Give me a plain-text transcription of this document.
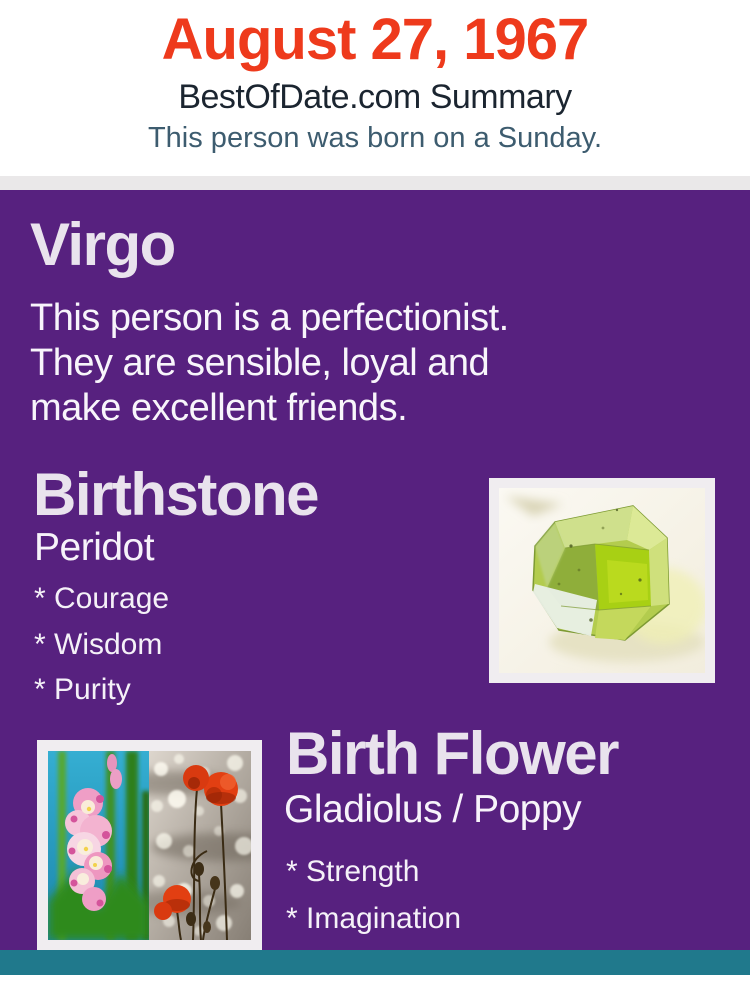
August 27, 1967
BestOfDate.com Summary
This person was born on a Sunday.
Virgo
This person is a perfectionist.
They are sensible, loyal and
make excellent friends.
Birthstone
Peridot
* Courage
* Wisdom
* Purity
Birth Flower
Gladiolus / Poppy
* Strength
* Imagination
